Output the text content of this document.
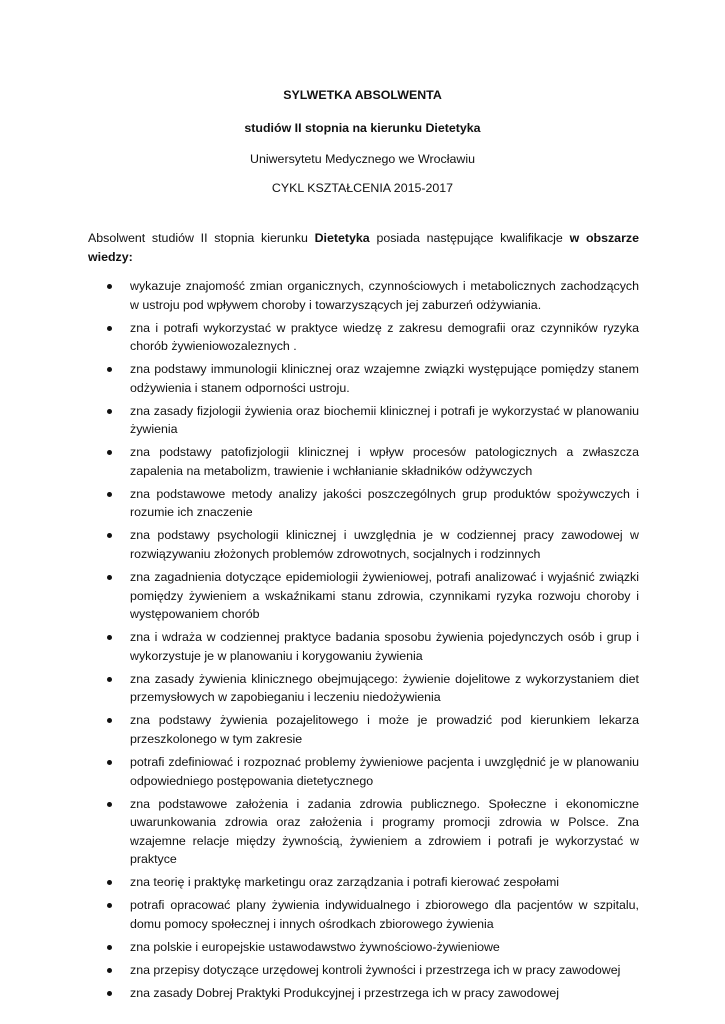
SYLWETKA ABSOLWENTA
studiów II stopnia na kierunku Dietetyka
Uniwersytetu Medycznego we Wrocławiu
CYKL KSZTAŁCENIA 2015-2017
Absolwent studiów II stopnia kierunku Dietetyka posiada następujące kwalifikacje w obszarze wiedzy:
wykazuje znajomość zmian organicznych, czynnościowych i metabolicznych zachodzących w ustroju pod wpływem choroby i towarzyszących jej zaburzeń odżywiania.
zna i potrafi wykorzystać w praktyce wiedzę z zakresu demografii oraz czynników ryzyka chorób żywieniowozaleznych .
zna podstawy immunologii klinicznej oraz wzajemne związki występujące pomiędzy stanem odżywienia i stanem odporności ustroju.
zna zasady fizjologii żywienia oraz biochemii klinicznej i potrafi je wykorzystać w planowaniu żywienia
zna podstawy patofizjologii klinicznej i wpływ procesów patologicznych a zwłaszcza zapalenia na metabolizm, trawienie i wchłanianie składników odżywczych
zna podstawowe metody analizy jakości poszczególnych grup produktów spożywczych i rozumie ich znaczenie
zna podstawy psychologii klinicznej i uwzględnia je w codziennej pracy zawodowej w rozwiązywaniu złożonych problemów zdrowotnych, socjalnych i rodzinnych
zna zagadnienia dotyczące epidemiologii żywieniowej, potrafi analizować i wyjaśnić związki pomiędzy żywieniem a wskaźnikami stanu zdrowia, czynnikami ryzyka rozwoju choroby i występowaniem chorób
zna i wdraża w codziennej praktyce badania sposobu żywienia pojedynczych osób i grup i wykorzystuje je w planowaniu i korygowaniu żywienia
zna zasady żywienia klinicznego obejmującego: żywienie dojelitowe z wykorzystaniem diet przemysłowych w zapobieganiu i leczeniu niedożywienia
zna podstawy żywienia pozajelitowego i może je prowadzić pod kierunkiem lekarza przeszkolonego w tym zakresie
potrafi zdefiniować i rozpoznać problemy żywieniowe pacjenta i uwzględnić je w planowaniu odpowiedniego postępowania dietetycznego
zna podstawowe założenia i zadania zdrowia publicznego. Społeczne i ekonomiczne uwarunkowania zdrowia oraz założenia i programy promocji zdrowia w Polsce. Zna wzajemne relacje między żywnością, żywieniem a zdrowiem i potrafi je wykorzystać w praktyce
zna teorię i praktykę marketingu oraz zarządzania i potrafi kierować zespołami
potrafi opracować plany żywienia indywidualnego i zbiorowego dla pacjentów w szpitalu, domu pomocy społecznej i innych ośrodkach zbiorowego żywienia
zna polskie i europejskie ustawodawstwo żywnościowo-żywieniowe
zna przepisy dotyczące urzędowej kontroli żywności i przestrzega ich w pracy zawodowej
zna zasady Dobrej Praktyki Produkcyjnej i przestrzega ich w pracy zawodowej
